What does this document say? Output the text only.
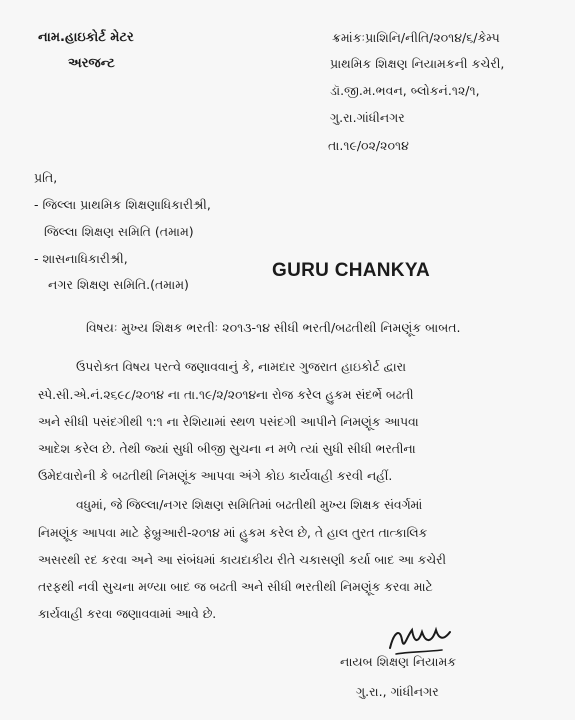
નામ.હાઇકોર્ટ મેટર
અરજન્ટ
ક્રમાંકઃપ્રાશિનિ/નીતિ/૨૦૧૪/૬/કેમ્પ
પ્રાથમિક શિક્ષણ નિયામકની કચેરી,
ડૉ.જી.મ.ભવન, બ્લોકનં.૧૨/૧,
ગુ.રા.ગાંધીનગર
તા.૧૯/૦૨/૨૦૧૪
પ્રતિ,
- જિલ્લા પ્રાથમિક શિક્ષણાધિકારીશ્રી,
જિલ્લા શિક્ષણ સમિતિ (તમામ)
- શાસનાધિકારીશ્રી,
નગર શિક્ષણ સમિતિ.(તમામ)
GURU CHANKYA
વિષયઃ મુખ્ય શિક્ષક ભરતીઃ ૨૦૧૩-૧૪ સીધી ભરતી/બઢતીથી નિમણૂંક બાબત.
ઉપરોક્ત વિષય પરત્વે જણાવવાનું કે, નામદાર ગુજરાત હાઇકોર્ટ દ્વારા
સ્પે.સી.એ.નં.૨૬૯૮/૨૦૧૪ ના તા.૧૯/૨/૨૦૧૪ના રોજ કરેલ હુકમ સંદર્ભે બઢતી
અને સીધી પસંદગીથી ૧:૧ ના રેશિયામાં સ્થળ પસંદગી આપીને નિમણૂંક આપવા
આદેશ કરેલ છે. તેથી જ્યાં સુધી બીજી સુચના ન મળે ત્યાં સુધી સીધી ભરતીના
ઉમેદવારોની કે બઢતીથી નિમણૂંક આપવા અંગે કોઇ કાર્યવાહી કરવી નહીં.
વધુમાં, જે જિલ્લા/નગર શિક્ષણ સમિતિમાં બઢતીથી મુખ્ય શિક્ષક સંવર્ગમાં
નિમણૂંક આપવા માટે ફેબ્રુઆરી-૨૦૧૪ માં હુકમ કરેલ છે, તે હાલ તુરત તાત્કાલિક
અસરથી રદ કરવા અને આ સંબંધમાં કાયદાકીય રીતે ચકાસણી કર્યા બાદ આ કચેરી
તરફથી નવી સુચના મળ્યા બાદ જ બઢતી અને સીધી ભરતીથી નિમણૂંક કરવા માટે
કાર્યવાહી કરવા જણાવવામાં આવે છે.
નાયબ શિક્ષણ નિયામક
ગુ.રા., ગાંધીનગર
